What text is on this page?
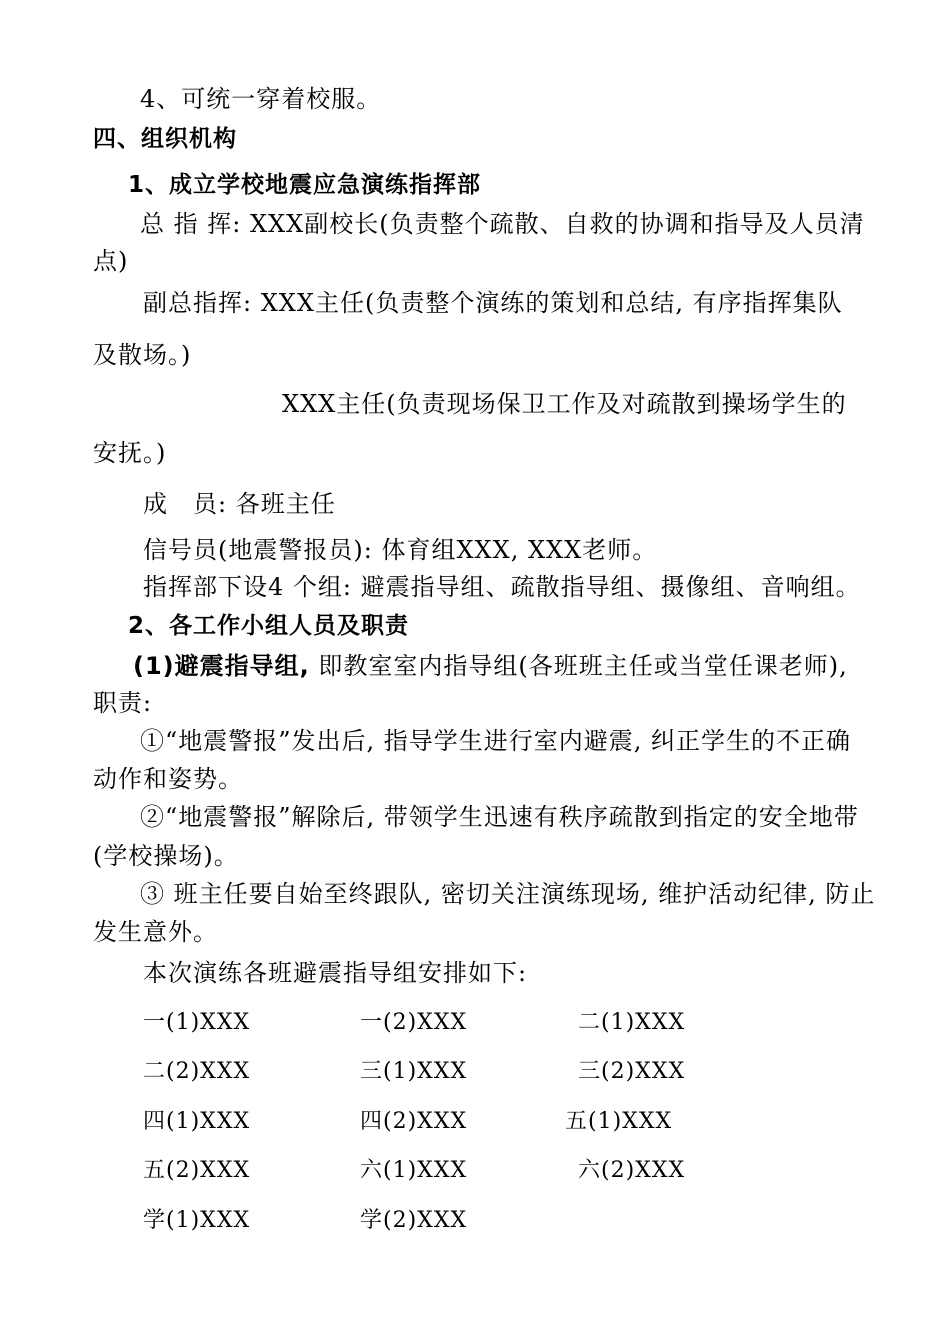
4、可统一穿着校服。
四、组织机构
1、成立学校地震应急演练指挥部
总 指 挥: XXX副校长(负责整个疏散、自救的协调和指导及人员清
点)
副总指挥: XXX主任(负责整个演练的策划和总结, 有序指挥集队
及散场。)
XXX主任(负责现场保卫工作及对疏散到操场学生的
安抚。)
成　员: 各班主任
信号员(地震警报员): 体育组XXX, XXX老师。
指挥部下设4 个组: 避震指导组、疏散指导组、摄像组、音响组。
2、各工作小组人员及职责
(1)避震指导组, 即教室室内指导组(各班班主任或当堂任课老师),
职责:
①“地震警报”发出后, 指导学生进行室内避震, 纠正学生的不正确
动作和姿势。
②“地震警报”解除后, 带领学生迅速有秩序疏散到指定的安全地带
(学校操场)。
③ 班主任要自始至终跟队, 密切关注演练现场, 维护活动纪律, 防止
发生意外。
本次演练各班避震指导组安排如下:
一(1)XXX	一(2)XXX	二(1)XXX
二(2)XXX	三(1)XXX	三(2)XXX
四(1)XXX	四(2)XXX	五(1)XXX
五(2)XXX	六(1)XXX	六(2)XXX
学(1)XXX	学(2)XXX
